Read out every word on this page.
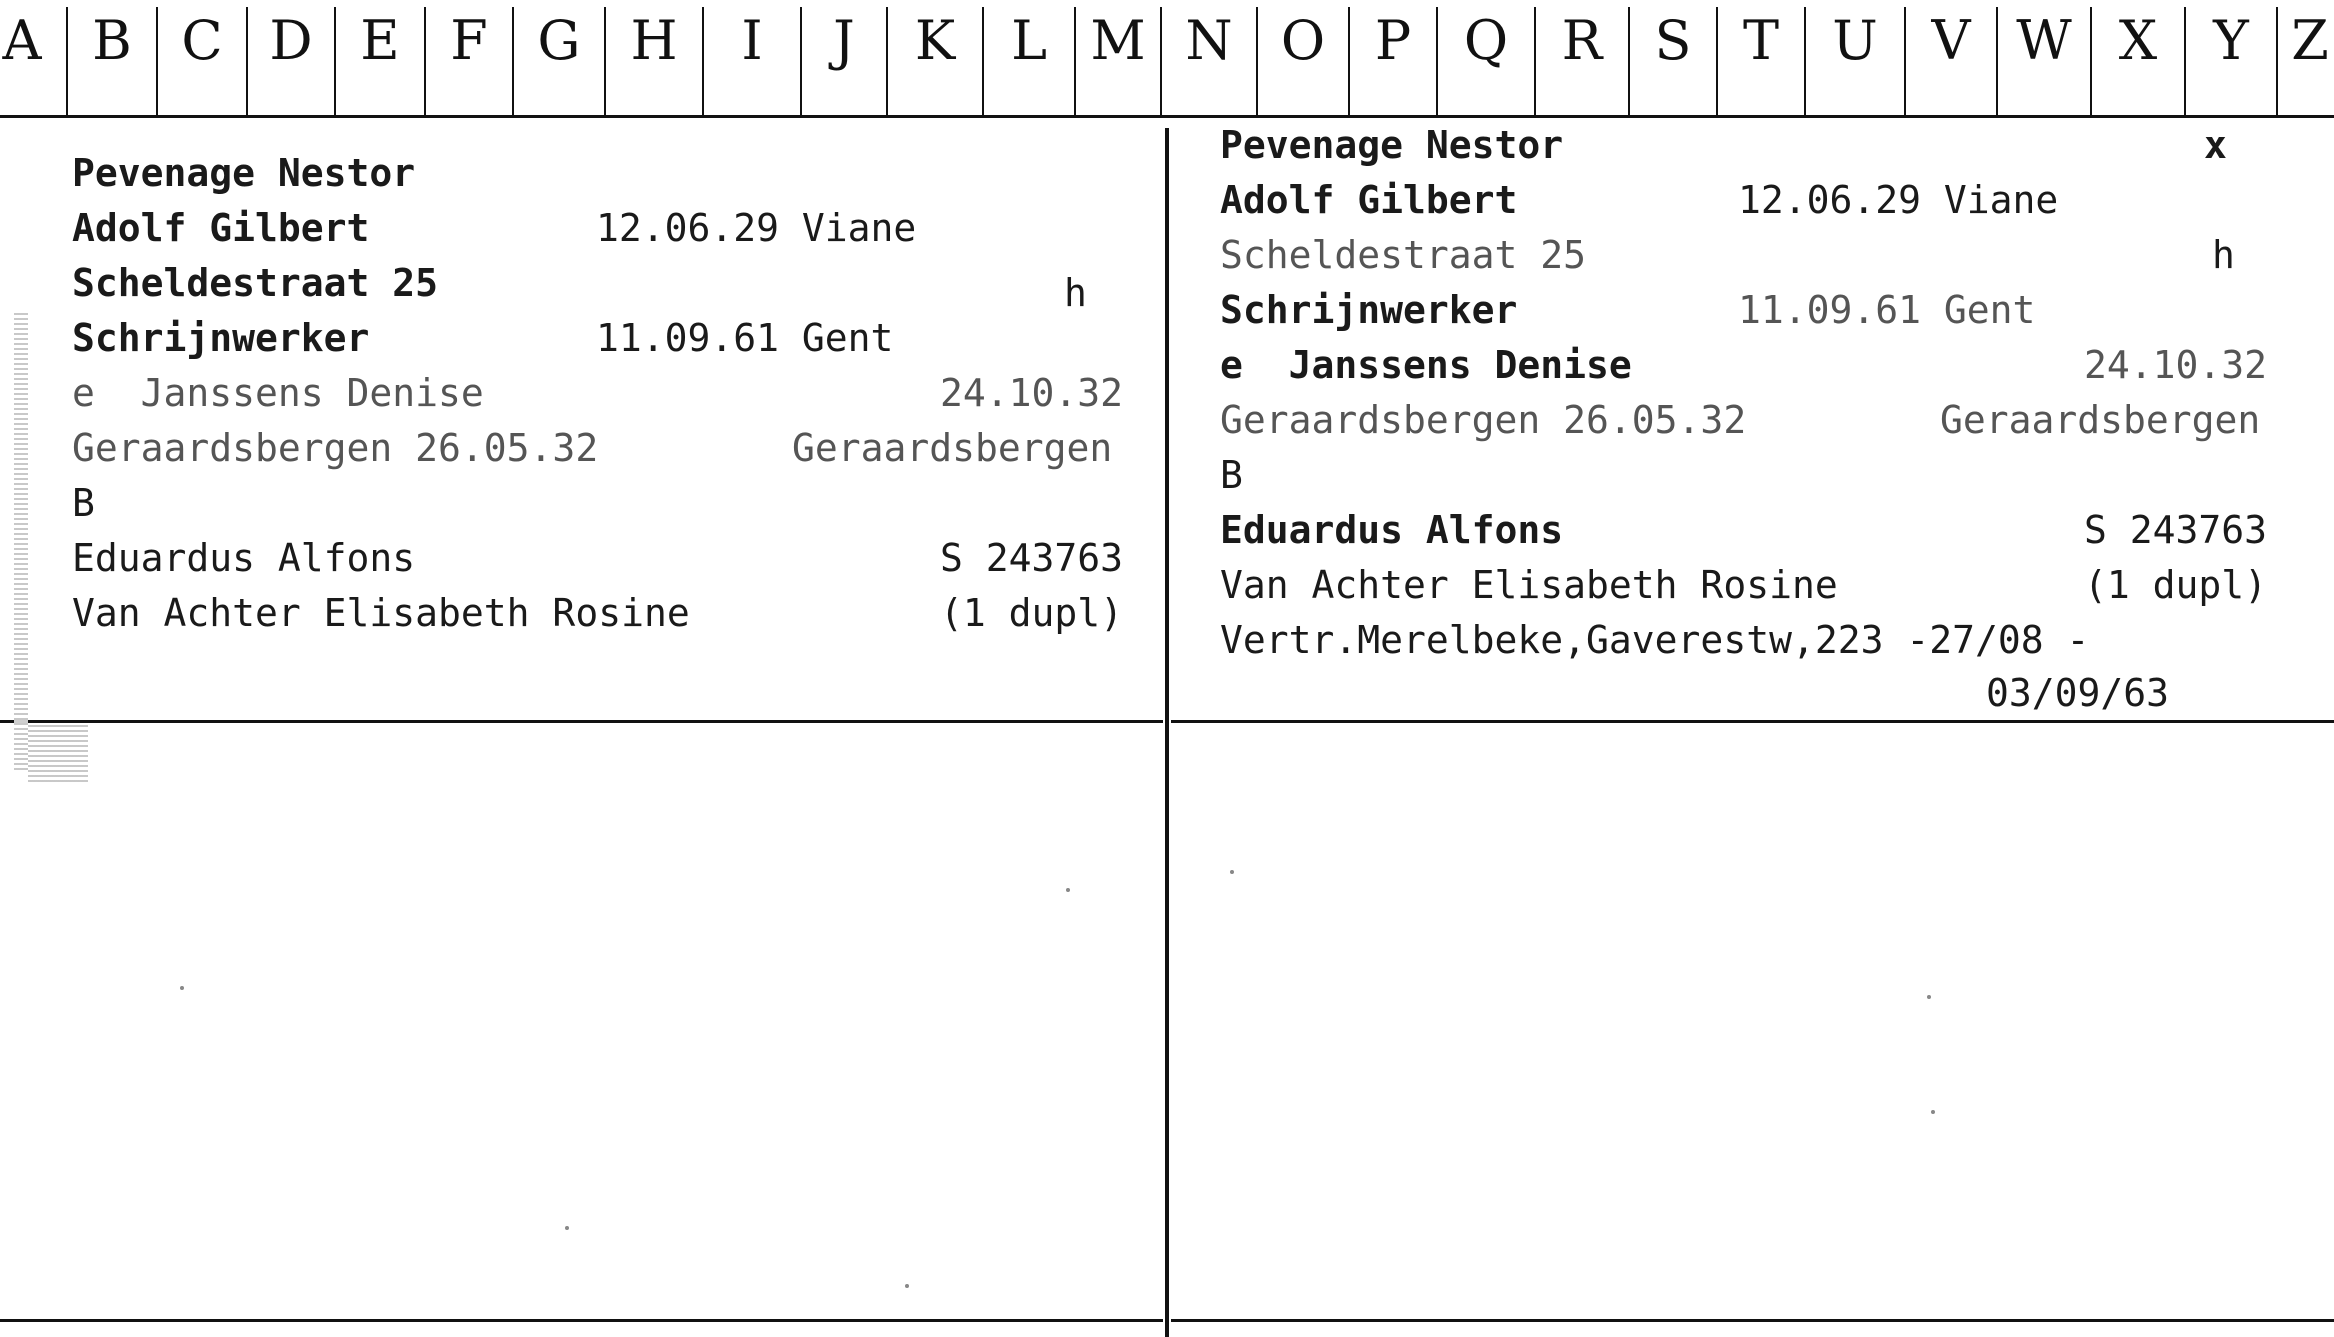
A B C D E F G H	I	J	K	L M N O P Q R S T U V W X	Y Z
Pevenage Nestor
Adolf Gilbert	12.06.29 Viane
Scheldestraat 25	h
Schrijnwerker	11.09.61 Gent
e  Janssens Denise	24.10.32
Geraardsbergen 26.05.32	Geraardsbergen
B
Eduardus Alfons	S 243763
Van Achter Elisabeth Rosine	(1 dupl)
Pevenage Nestor	x
Adolf Gilbert	12.06.29 Viane
Scheldestraat 25	h
Schrijnwerker	11.09.61 Gent
e  Janssens Denise	24.10.32
Geraardsbergen 26.05.32	Geraardsbergen
B
Eduardus Alfons	S 243763
Van Achter Elisabeth Rosine	(1 dupl)
Vertr.Merelbeke,Gaverestw,223 -27/08 -
03/09/63
